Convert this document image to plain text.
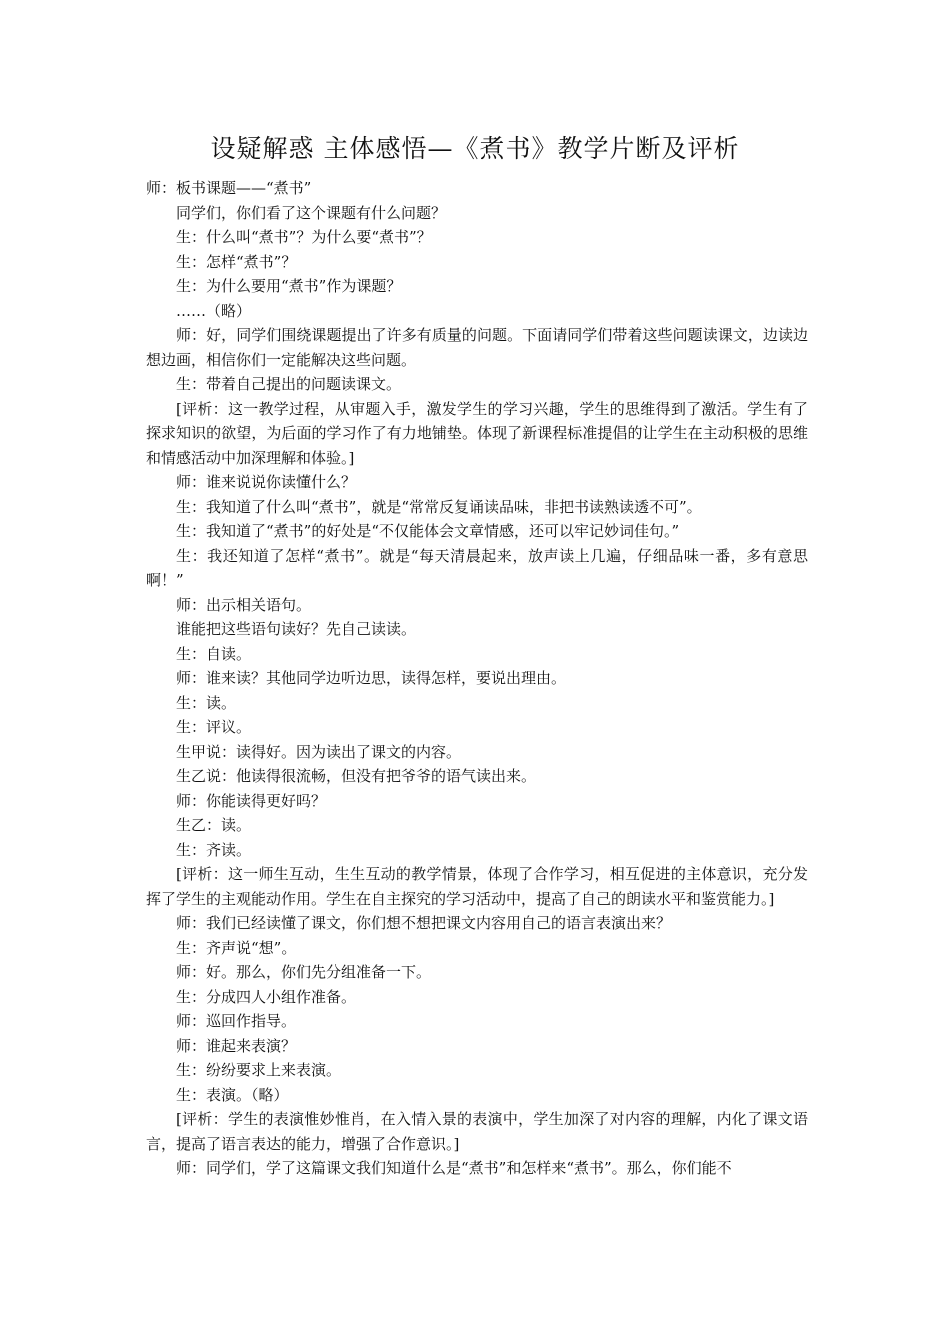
设疑解惑 主体感悟—《煮书》教学片断及评析

师：板书课题——“煮书”

同学们，你们看了这个课题有什么问题？

生：什么叫“煮书”？为什么要“煮书”？

生：怎样“煮书”？

生：为什么要用“煮书”作为课题？

……（略）

师：好，同学们围绕课题提出了许多有质量的问题。下面请同学们带着这些问题读课文，边读边想边画，相信你们一定能解决这些问题。

生：带着自己提出的问题读课文。

[评析：这一教学过程，从审题入手，激发学生的学习兴趣，学生的思维得到了激活。学生有了探求知识的欲望，为后面的学习作了有力地铺垫。体现了新课程标准提倡的让学生在主动积极的思维和情感活动中加深理解和体验。]

师：谁来说说你读懂什么？

生：我知道了什么叫“煮书”，就是“常常反复诵读品味，非把书读熟读透不可”。

生：我知道了“煮书”的好处是“不仅能体会文章情感，还可以牢记妙词佳句。”

生：我还知道了怎样“煮书”。就是“每天清晨起来，放声读上几遍，仔细品味一番，多有意思啊！”

师：出示相关语句。

谁能把这些语句读好？先自己读读。

生：自读。

师：谁来读？其他同学边听边思，读得怎样，要说出理由。

生：读。

生：评议。

生甲说：读得好。因为读出了课文的内容。

生乙说：他读得很流畅，但没有把爷爷的语气读出来。

师：你能读得更好吗？

生乙：读。

生：齐读。

[评析：这一师生互动，生生互动的教学情景，体现了合作学习，相互促进的主体意识，充分发挥了学生的主观能动作用。学生在自主探究的学习活动中，提高了自己的朗读水平和鉴赏能力。]

师：我们已经读懂了课文，你们想不想把课文内容用自己的语言表演出来？

生：齐声说“想”。

师：好。那么，你们先分组准备一下。

生：分成四人小组作准备。

师：巡回作指导。

师：谁起来表演？

生：纷纷要求上来表演。

生：表演。（略）

[评析：学生的表演惟妙惟肖，在入情入景的表演中，学生加深了对内容的理解，内化了课文语言，提高了语言表达的能力，增强了合作意识。]

师：同学们，学了这篇课文我们知道什么是“煮书”和怎样来“煮书”。那么，你们能不
